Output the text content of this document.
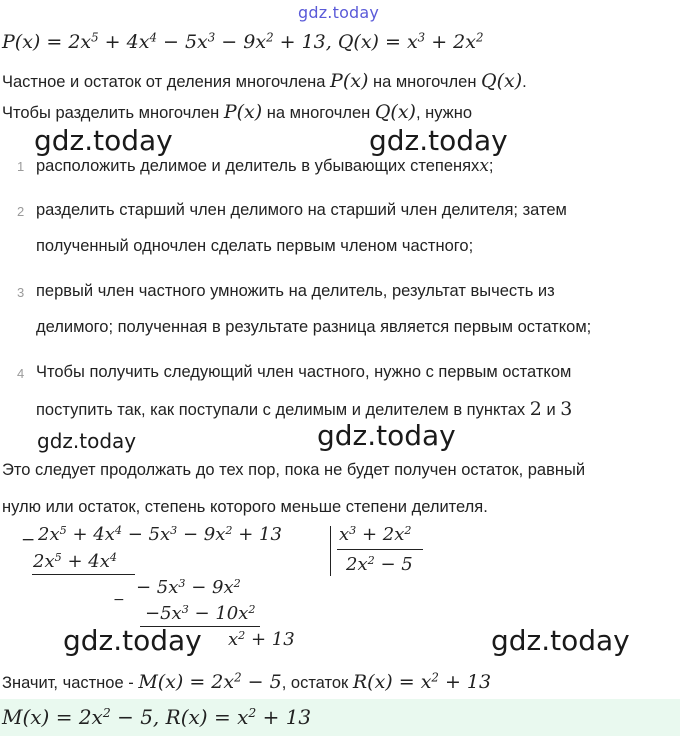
gdz.today
$P(x) = 2x^5 + 4x^4 - 5x^3 - 9x^2 + 13$, $Q(x) = x^3 + 2x^2$
Частное и остаток от деления многочлена P(x) на многочлен Q(x).
Чтобы разделить многочлен P(x) на многочлен Q(x), нужно
gdz.today	gdz.today
1 расположить делимое и делитель в убывающих степеняхx;
2 разделить старший член делимого на старший член делителя; затем
полученный одночлен сделать первым членом частного;
3 первый член частного умножить на делитель, результат вычесть из
делимого; полученная в результате разница является первым остатком;
4 Чтобы получить следующий член частного, нужно с первым остатком
поступить так, как поступали с делимым и делителем в пунктах 2 и 3
gdz.today	gdz.today
Это следует продолжать до тех пор, пока не будет получен остаток, равный
нулю или остаток, степень которого меньше степени делителя.
− $2x^5 + 4x^4 - 5x^3 - 9x^2 + 13$
$2x^5 + 4x^4$
−
− $5x^3 - 9x^2$
$-5x^3 - 10x^2$
$x^2 + 13$
$x^3 + 2x^2$
$2x^2 - 5$
gdz.today	gdz.today
Значит, частное - $M(x) = 2x^2 - 5$, остаток $R(x) = x^2 + 13$
$M(x) = 2x^2 - 5$, $R(x) = x^2 + 13$
